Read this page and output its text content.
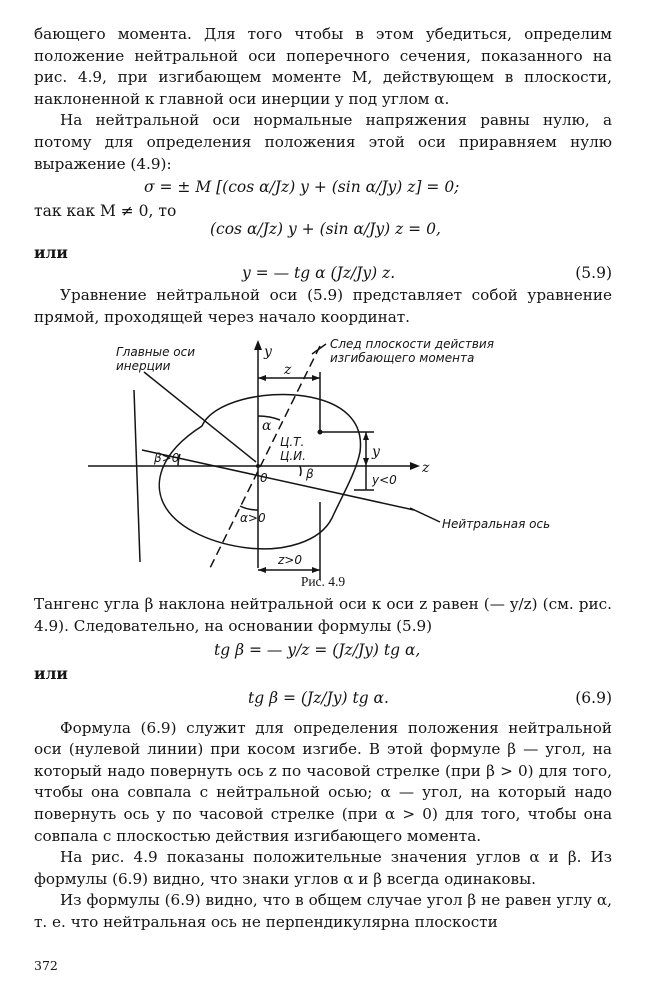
бающего момента. Для того чтобы в этом убедиться, определим положение нейтральной оси поперечного сечения, показанного на рис. 4.9, при изгибающем моменте M, действующем в плоскости, наклоненной к главной оси инерции y под углом α.

На нейтральной оси нормальные напряжения равны нулю, а потому для определения положения этой оси приравняем нулю выражение (4.9):

σ = ± M [(cos α/Jz) y + (sin α/Jy) z] = 0;
так как M ≠ 0, то
(cos α/Jz) y + (sin α/Jy) z = 0,
или
y = — tg α (Jz/Jy) z.	(5.9)

Уравнение нейтральной оси (5.9) представляет собой уравнение прямой, проходящей через начало координат.

Главные оси
инерции
След плоскости действия
изгибающего момента
y
z
z
α
Ц.Т.
Ц.И.
β>0
0	β
y
y<0
α>0	Нейтральная ось
z>0
Рис. 4.9

Тангенс угла β наклона нейтральной оси к оси z равен (— y/z) (см. рис. 4.9). Следовательно, на основании формулы (5.9)

tg β = — y/z = (Jz/Jy) tg α,
или
tg β = (Jz/Jy) tg α.	(6.9)

Формула (6.9) служит для определения положения нейтральной оси (нулевой линии) при косом изгибе. В этой формуле β — угол, на который надо повернуть ось z по часовой стрелке (при β > 0) для того, чтобы она совпала с нейтральной осью; α — угол, на который надо повернуть ось y по часовой стрелке (при α > 0) для того, чтобы она совпала с плоскостью действия изгибающего момента.

На рис. 4.9 показаны положительные значения углов α и β. Из формулы (6.9) видно, что знаки углов α и β всегда одинаковы.

Из формулы (6.9) видно, что в общем случае угол β не равен углу α, т. е. что нейтральная ось не перпендикулярна плоскости

372
